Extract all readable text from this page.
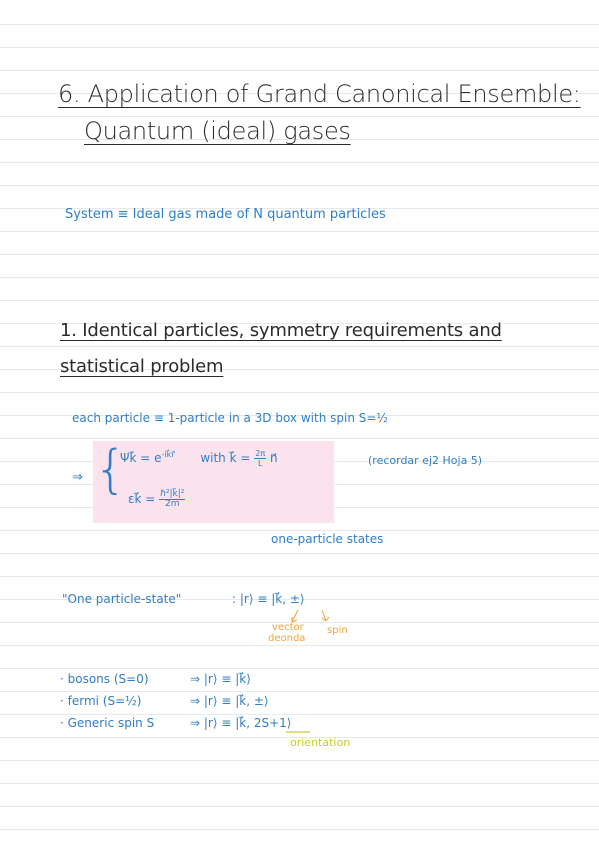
6. Application of Grand Canonical Ensemble:
Quantum (ideal) gases
System ≡ Ideal gas made of N quantum particles
1. Identical particles, symmetry requirements and
statistical problem
each particle ≡ 1-particle in a 3D box with spin S=½
⇒ {
Ψk⃗ = $e^{-ik⃗r⃗}$ with k⃗ = $\frac{2\pi}{L}$ n⃗
εk⃗ = $\frac{\text{ℏ²|k⃗|²}}{2m}$
(recordar ej2 Hoja 5)
one-particle states
"One particle-state"	: |r⟩ ≡ |k⃗, ±⟩
vector
deonda
spin
· bosons (S=0)	⇒ |r⟩ ≡ |k⃗⟩
· fermi (S=½)	⇒ |r⟩ ≡ |k⃗, ±⟩
· Generic spin S	⇒ |r⟩ ≡ |k⃗, 2S+1⟩
orientation
